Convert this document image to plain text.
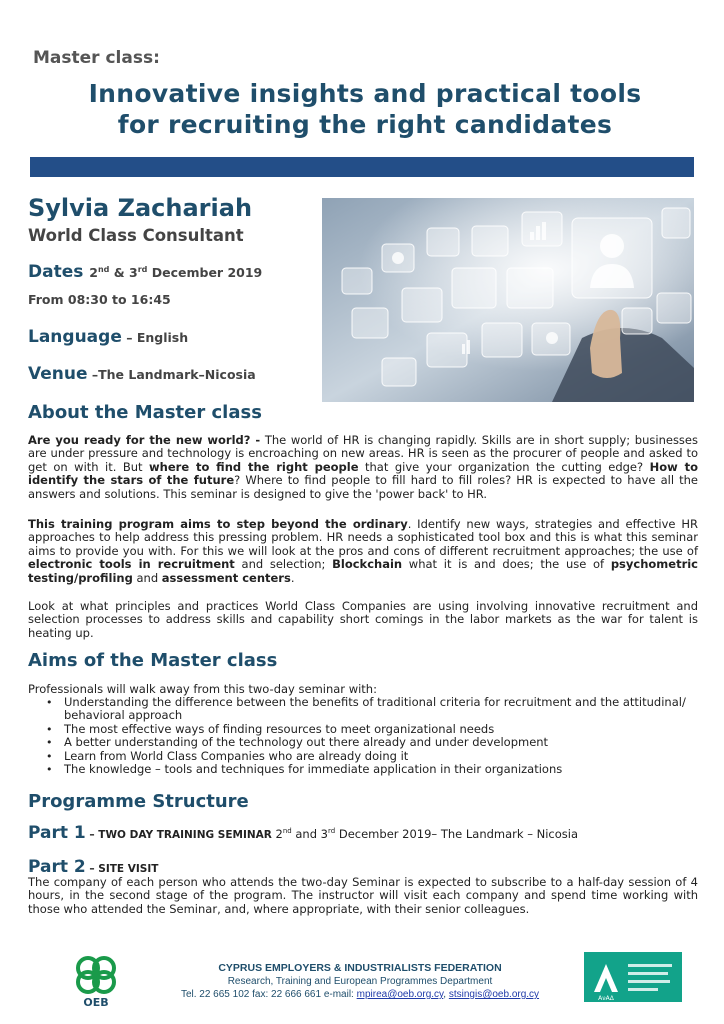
Master class:
Innovative insights and practical tools
for recruiting the right candidates
Sylvia Zachariah
World Class Consultant
Dates 2nd & 3rd December 2019
From 08:30 to 16:45
Language – English
Venue –The Landmark–Nicosia
About the Master class
Are you ready for the new world? - The world of HR is changing rapidly. Skills are in short supply; businesses are under pressure and technology is encroaching on new areas. HR is seen as the procurer of people and asked to get on with it. But where to find the right people that give your organization the cutting edge? How to identify the stars of the future? Where to find people to fill hard to fill roles? HR is expected to have all the answers and solutions. This seminar is designed to give the 'power back' to HR.
This training program aims to step beyond the ordinary. Identify new ways, strategies and effective HR approaches to help address this pressing problem. HR needs a sophisticated tool box and this is what this seminar aims to provide you with. For this we will look at the pros and cons of different recruitment approaches; the use of electronic tools in recruitment and selection; Blockchain what it is and does; the use of psychometric testing/profiling and assessment centers.
Look at what principles and practices World Class Companies are using involving innovative recruitment and selection processes to address skills and capability short comings in the labor markets as the war for talent is heating up.
Aims of the Master class
Professionals will walk away from this two-day seminar with:
• Understanding the difference between the benefits of traditional criteria for recruitment and the attitudinal/ behavioral approach
• The most effective ways of finding resources to meet organizational needs
• A better understanding of the technology out there already and under development
• Learn from World Class Companies who are already doing it
• The knowledge – tools and techniques for immediate application in their organizations
Programme Structure
Part 1 – TWO DAY TRAINING SEMINAR 2nd and 3rd December 2019– The Landmark – Nicosia
Part 2 – SITE VISIT
The company of each person who attends the two-day Seminar is expected to subscribe to a half-day session of 4 hours, in the second stage of the program. The instructor will visit each company and spend time working with those who attended the Seminar, and, where appropriate, with their senior colleagues.
OEB
CYPRUS EMPLOYERS & INDUSTRIALISTS FEDERATION
Research, Training and European Programmes Department
Tel. 22 665 102 fax: 22 666 661 e-mail: mpirea@oeb.org.cy, stsingis@oeb.org.cy	ΑνΑΔ
